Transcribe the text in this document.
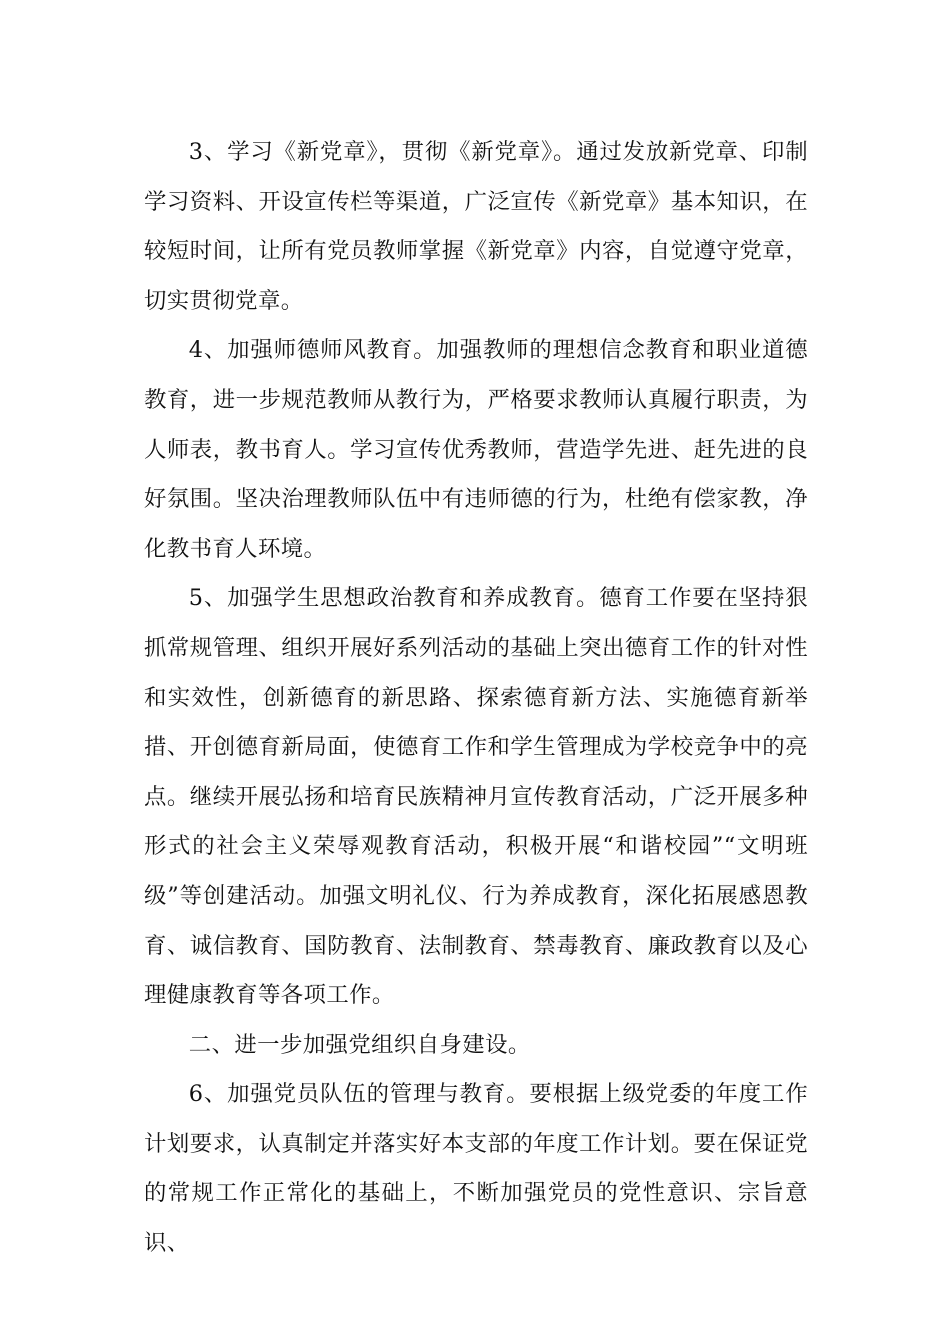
3、学习《新党章》，贯彻《新党章》。通过发放新党章、印制学习资料、开设宣传栏等渠道，广泛宣传《新党章》基本知识，在较短时间，让所有党员教师掌握《新党章》内容，自觉遵守党章，切实贯彻党章。

4、加强师德师风教育。加强教师的理想信念教育和职业道德教育，进一步规范教师从教行为，严格要求教师认真履行职责，为人师表，教书育人。学习宣传优秀教师，营造学先进、赶先进的良好氛围。坚决治理教师队伍中有违师德的行为，杜绝有偿家教，净化教书育人环境。

5、加强学生思想政治教育和养成教育。德育工作要在坚持狠抓常规管理、组织开展好系列活动的基础上突出德育工作的针对性和实效性，创新德育的新思路、探索德育新方法、实施德育新举措、开创德育新局面，使德育工作和学生管理成为学校竞争中的亮点。继续开展弘扬和培育民族精神月宣传教育活动，广泛开展多种形式的社会主义荣辱观教育活动，积极开展“和谐校园”“文明班级”等创建活动。加强文明礼仪、行为养成教育，深化拓展感恩教育、诚信教育、国防教育、法制教育、禁毒教育、廉政教育以及心理健康教育等各项工作。

二、进一步加强党组织自身建设。

6、加强党员队伍的管理与教育。要根据上级党委的年度工作计划要求，认真制定并落实好本支部的年度工作计划。要在保证党的常规工作正常化的基础上，不断加强党员的党性意识、宗旨意识、
